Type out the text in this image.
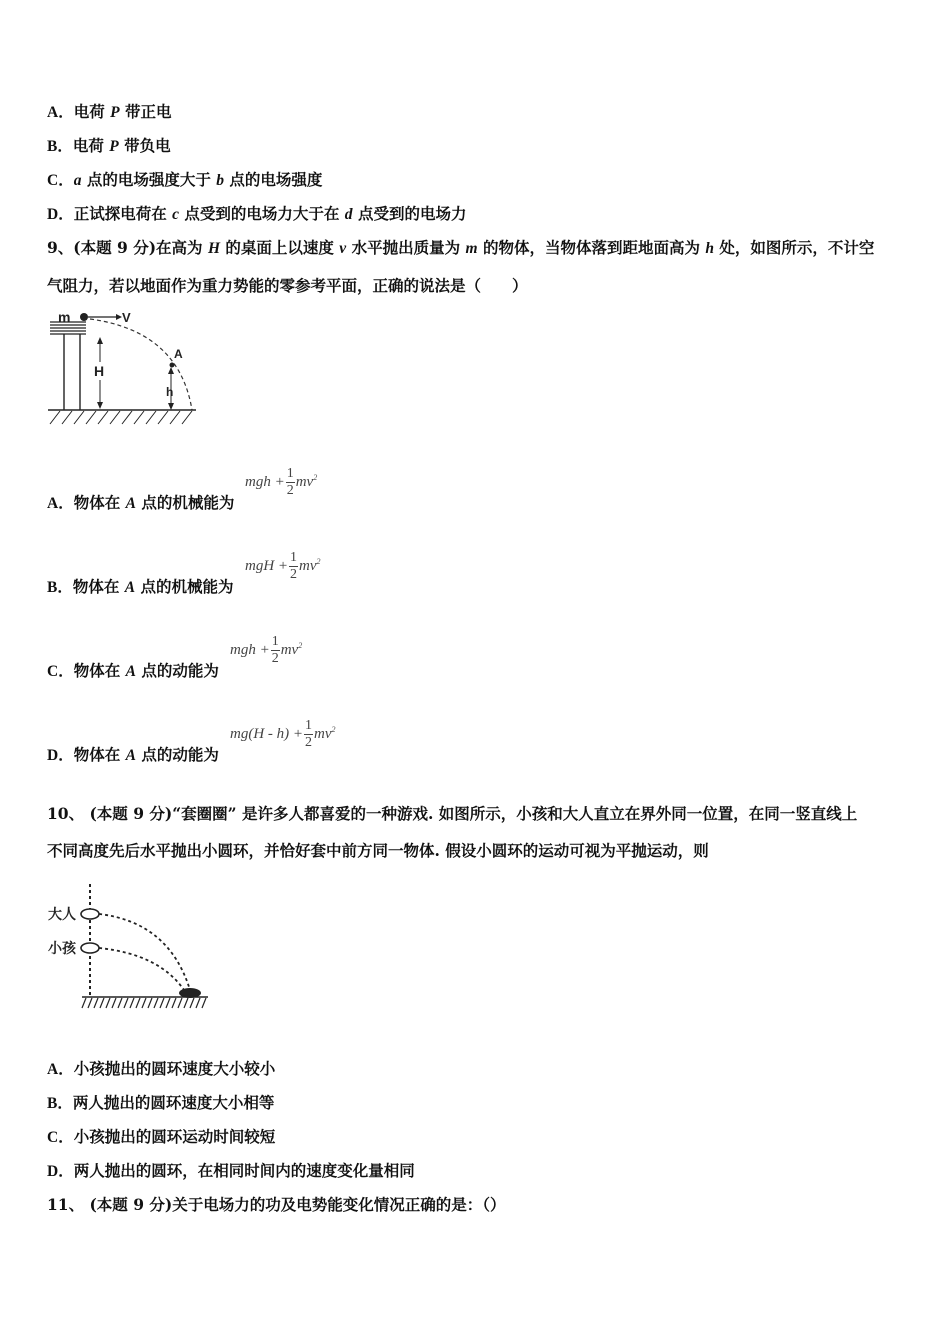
A．电荷 P 带正电
B．电荷 P 带负电
C．a 点的电场强度大于 b 点的电场强度
D．正试探电荷在 c 点受到的电场力大于在 d 点受到的电场力
9、(本题 9 分)在高为 H 的桌面上以速度 v 水平抛出质量为 m 的物体，当物体落到距地面高为 h 处，如图所示，不计空
气阻力，若以地面作为重力势能的零参考平面，正确的说法是（　　）
m	V
H
A
h
A．物体在 A 点的机械能为
mgh + $\frac{1}{2} mv^2$
B．物体在 A 点的机械能为
mgH + $\frac{1}{2} mv^2$
C．物体在 A 点的动能为
mgh + $\frac{1}{2} mv^2$
D．物体在 A 点的动能为
$mg(H - h) + \frac{1}{2} mv^2$
10、 (本题 9 分)“套圈圈” 是许多人都喜爱的一种游戏. 如图所示，小孩和大人直立在界外同一位置，在同一竖直线上
不同高度先后水平抛出小圆环，并恰好套中前方同一物体. 假设小圆环的运动可视为平抛运动，则
大人
小孩
A．小孩抛出的圆环速度大小较小
B．两人抛出的圆环速度大小相等
C．小孩抛出的圆环运动时间较短
D．两人抛出的圆环，在相同时间内的速度变化量相同
11、 (本题 9 分)关于电场力的功及电势能变化情况正确的是：（）
